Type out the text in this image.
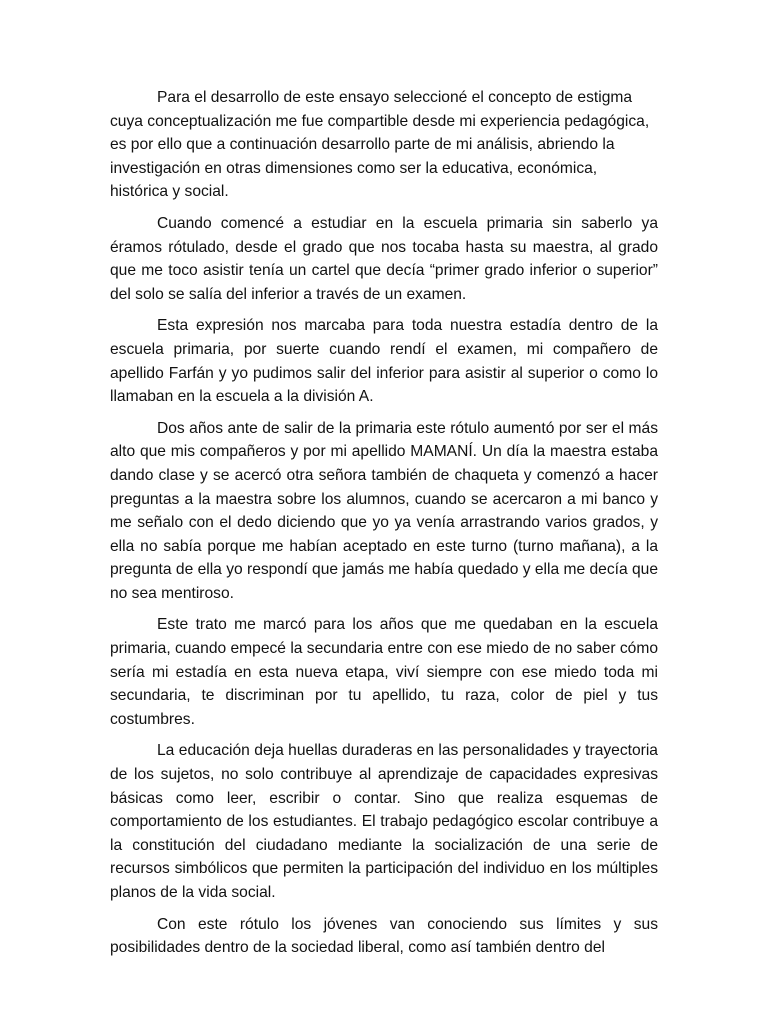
Para el desarrollo de este ensayo seleccioné el concepto de estigma cuya conceptualización me fue compartible desde mi experiencia pedagógica, es por ello que a continuación desarrollo parte de mi análisis, abriendo la investigación en otras dimensiones como ser la educativa, económica, histórica y social.

Cuando comencé a estudiar en la escuela primaria sin saberlo ya éramos rótulado, desde el grado que nos tocaba hasta su maestra, al grado que me toco asistir tenía un cartel que decía “primer grado inferior o superior” del solo se salía del inferior a través de un examen.

Esta expresión nos marcaba para toda nuestra estadía dentro de la escuela primaria, por suerte cuando rendí el examen, mi compañero de apellido Farfán y yo pudimos salir del inferior para asistir al superior o como lo llamaban en la escuela a la división A.

Dos años ante de salir de la primaria este rótulo aumentó por ser el más alto que mis compañeros y por mi apellido MAMANÍ. Un día la maestra estaba dando clase y se acercó otra señora también de chaqueta y comenzó a hacer preguntas a la maestra sobre los alumnos, cuando se acercaron a mi banco y me señalo con el dedo diciendo que yo ya venía arrastrando varios grados, y ella no sabía porque me habían aceptado en este turno (turno mañana), a la pregunta de ella yo respondí que jamás me había quedado y ella me decía que no sea mentiroso.

Este trato me marcó para los años que me quedaban en la escuela primaria, cuando empecé la secundaria entre con ese miedo de no saber cómo sería mi estadía en esta nueva etapa, viví siempre con ese miedo toda mi secundaria, te discriminan por tu apellido, tu raza, color de piel y tus costumbres.

La educación deja huellas duraderas en las personalidades y trayectoria de los sujetos, no solo contribuye al aprendizaje de capacidades expresivas básicas como leer, escribir o contar. Sino que realiza esquemas de comportamiento de los estudiantes. El trabajo pedagógico escolar contribuye a la constitución del ciudadano mediante la socialización de una serie de recursos simbólicos que permiten la participación del individuo en los múltiples planos de la vida social.

Con este rótulo los jóvenes van conociendo sus límites y sus posibilidades dentro de la sociedad liberal, como así también dentro del
